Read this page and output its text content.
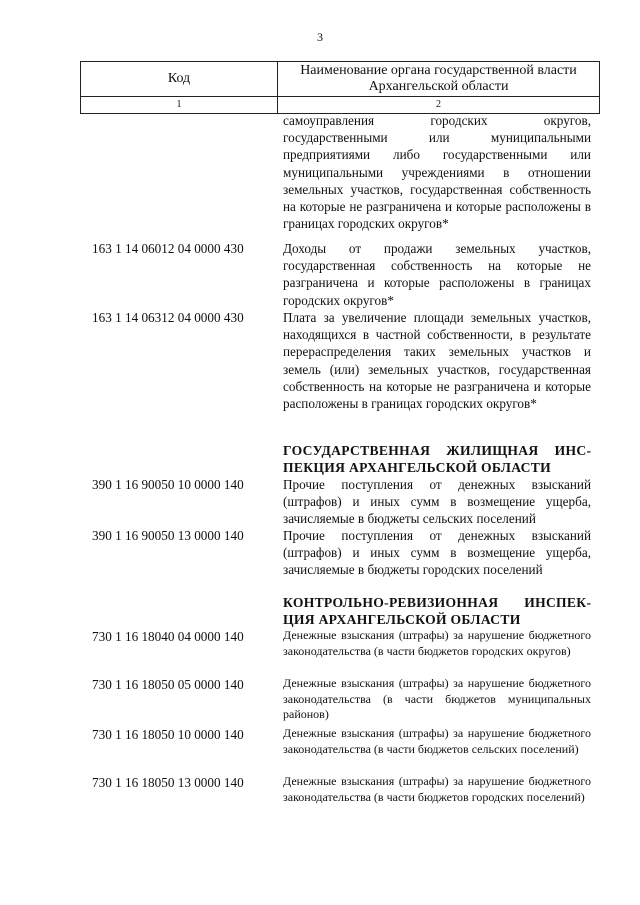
3
Код	Наименование органа государственной власти Архангельской области
1	2
самоуправления городских округов, государственными или муниципальными предприятиями либо государственными или муниципальными учреждениями в отношении земельных участков, государственная собственность на которые не разграничена и которые расположены в границах городских округов*
163 1 14 06012 04 0000 430	Доходы от продажи земельных участков, государственная собственность на которые не разграничена и которые расположены в границах городских округов*
163 1 14 06312 04 0000 430	Плата за увеличение площади земельных участков, находящихся в частной собственности, в результате перераспределения таких земельных участков и земель (или) земельных участков, государственная собственность на которые не разграничена и которые расположены в границах городских округов*
ГОСУДАРСТВЕННАЯ ЖИЛИЩНАЯ ИНСПЕКЦИЯ АРХАНГЕЛЬСКОЙ ОБЛАСТИ
390 1 16 90050 10 0000 140	Прочие поступления от денежных взысканий (штрафов) и иных сумм в возмещение ущерба, зачисляемые в бюджеты сельских поселений
390 1 16 90050 13 0000 140	Прочие поступления от денежных взысканий (штрафов) и иных сумм в возмещение ущерба, зачисляемые в бюджеты городских поселений
КОНТРОЛЬНО-РЕВИЗИОННАЯ ИНСПЕКЦИЯ АРХАНГЕЛЬСКОЙ ОБЛАСТИ
730 1 16 18040 04 0000 140	Денежные взыскания (штрафы) за нарушение бюджетного законодательства (в части бюджетов городских округов)
730 1 16 18050 05 0000 140	Денежные взыскания (штрафы) за нарушение бюджетного законодательства (в части бюджетов муниципальных районов)
730 1 16 18050 10 0000 140	Денежные взыскания (штрафы) за нарушение бюджетного законодательства (в части бюджетов сельских поселений)
730 1 16 18050 13 0000 140	Денежные взыскания (штрафы) за нарушение бюджетного законодательства (в части бюджетов городских поселений)
